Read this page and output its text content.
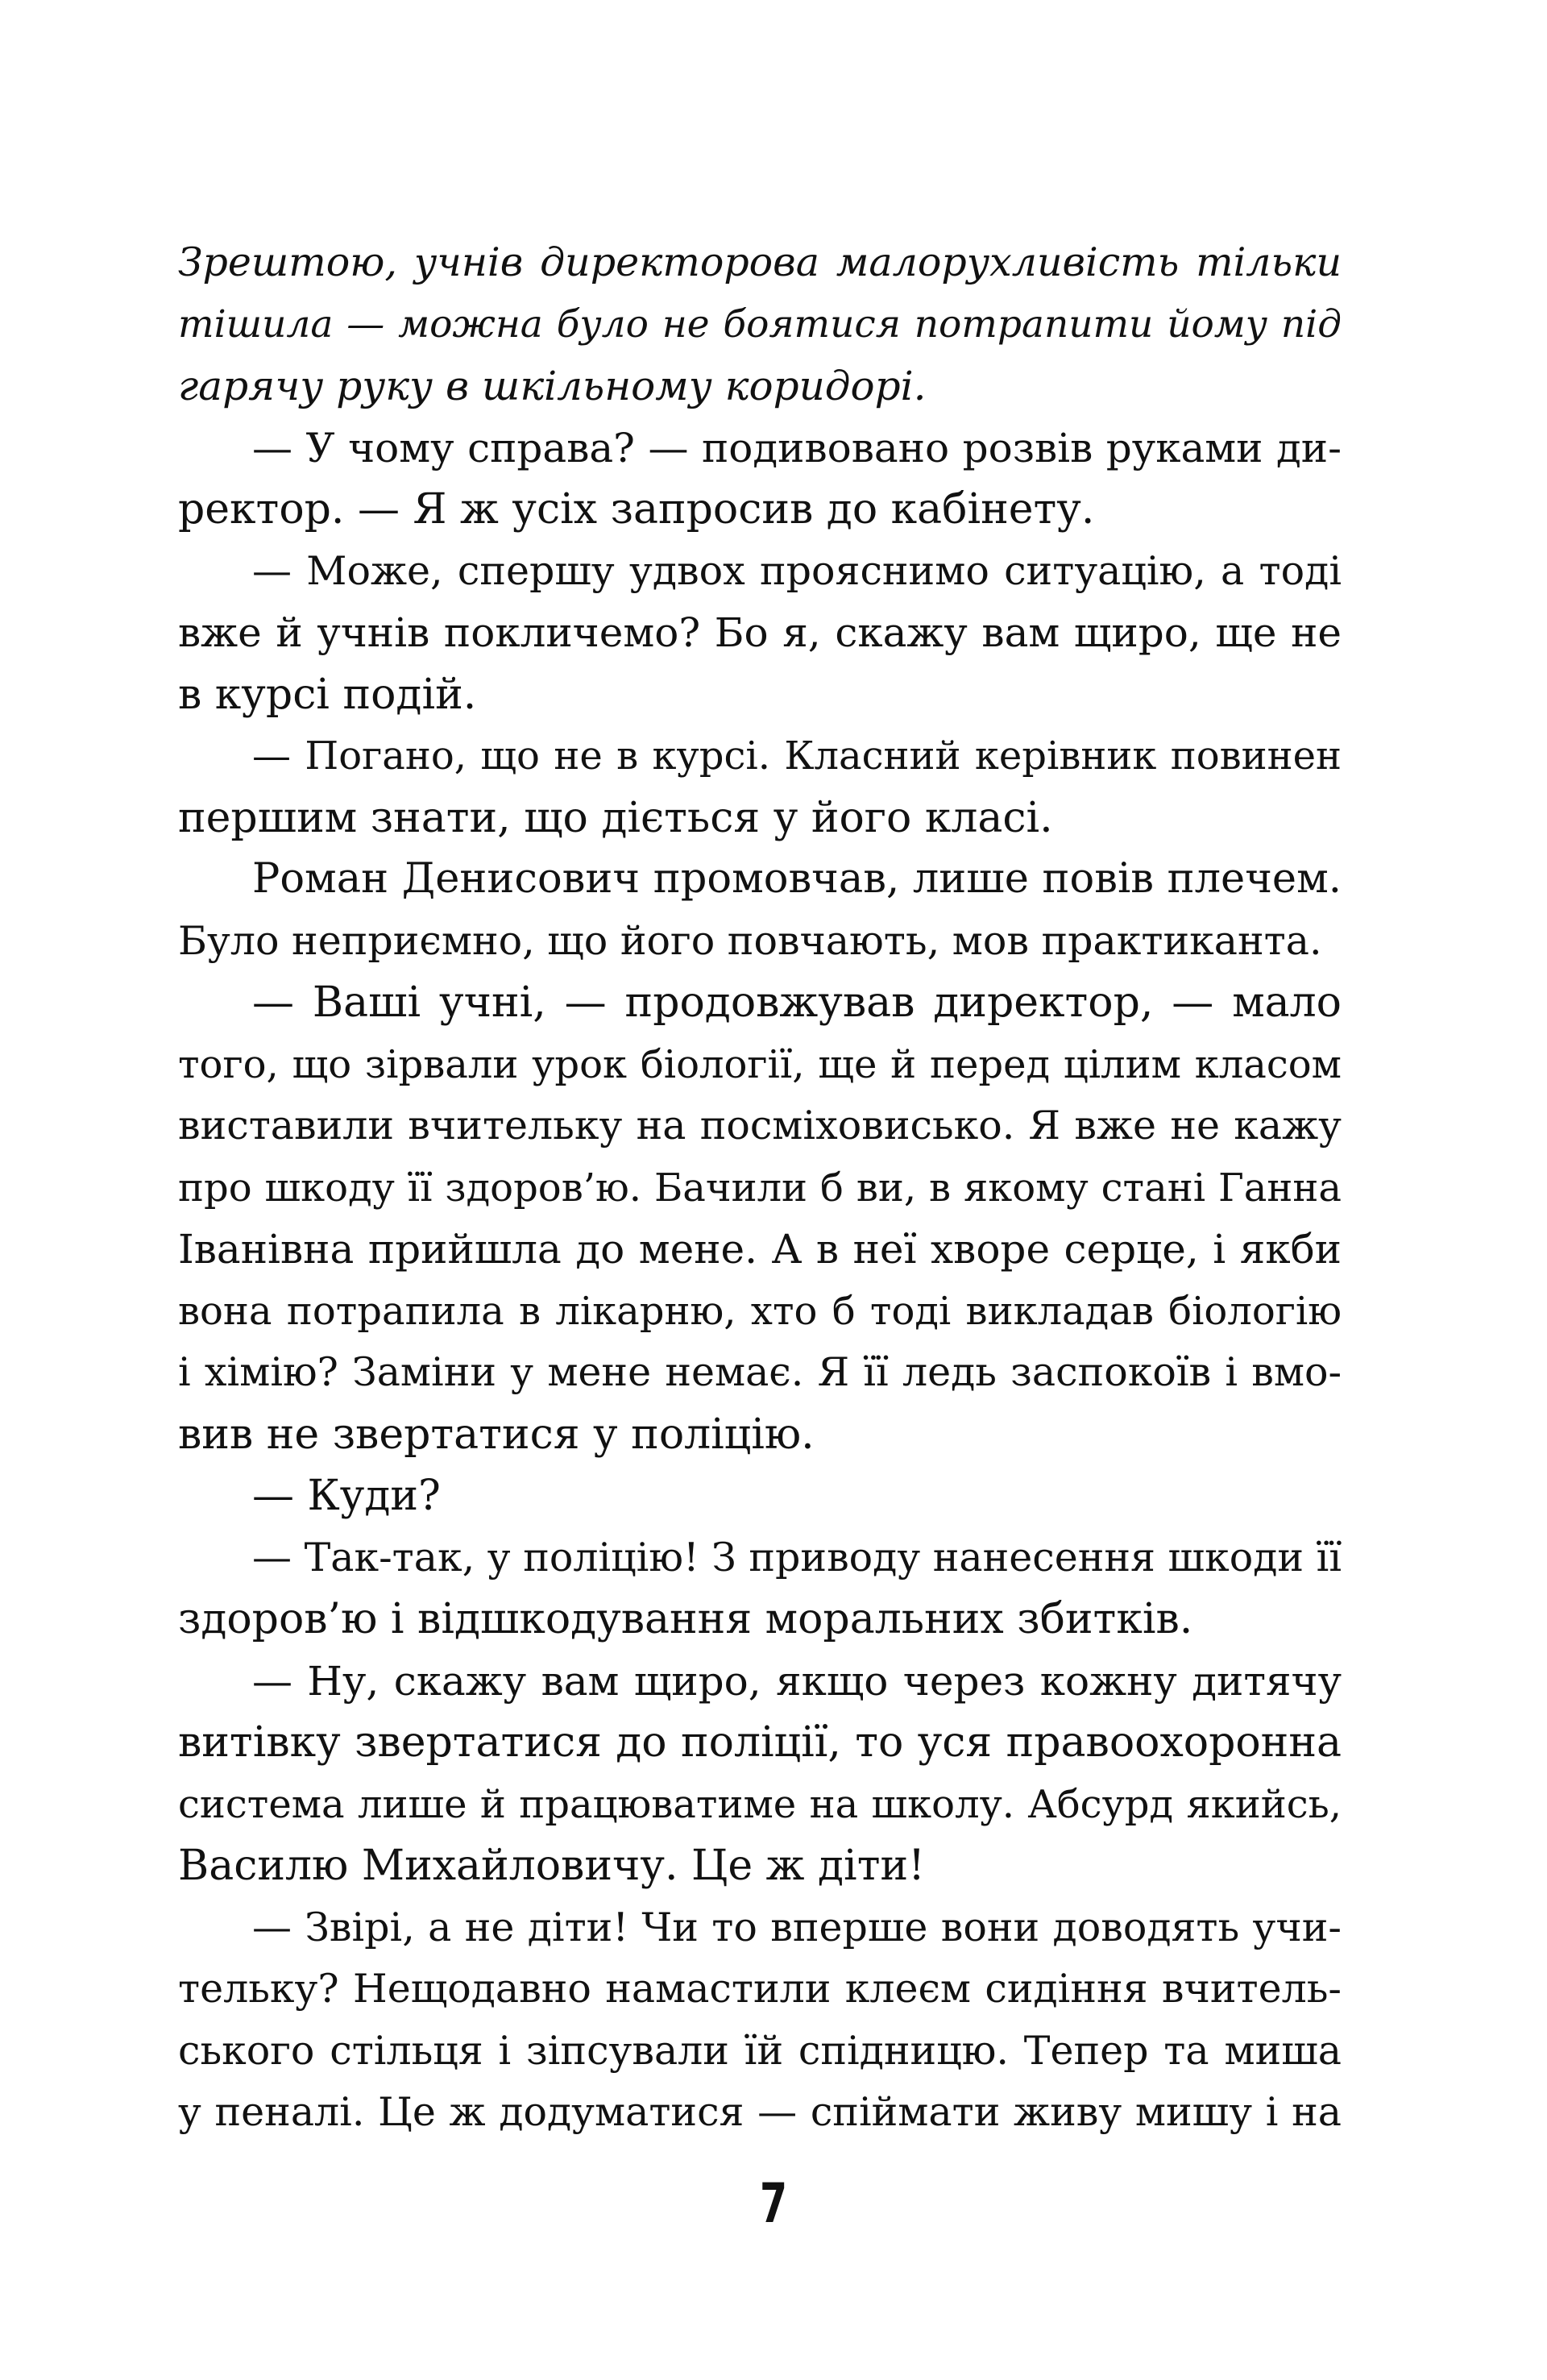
Зрештою, учнів директорова малорухливість тільки
тішила — можна було не боятися потрапити йому під
гарячу руку в шкільному коридорі.
— У чому справа? — подивовано розвів руками ди-
ректор. — Я ж усіх запросив до кабінету.
— Може, спершу удвох прояснимо ситуацію, а тоді
вже й учнів покличемо? Бо я, скажу вам щиро, ще не
в курсі подій.
— Погано, що не в курсі. Класний керівник повинен
першим знати, що діється у його класі.
Роман Денисович промовчав, лише повів плечем.
Було неприємно, що його повчають, мов практиканта.
— Ваші учні, — продовжував директор, — мало
того, що зірвали урок біології, ще й перед цілим класом
виставили вчительку на посміховисько. Я вже не кажу
про шкоду її здоров’ю. Бачили б ви, в якому стані Ганна
Іванівна прийшла до мене. А в неї хворе серце, і якби
вона потрапила в лікарню, хто б тоді викладав біологію
і хімію? Заміни у мене немає. Я її ледь заспокоїв і вмо-
вив не звертатися у поліцію.
— Куди?
— Так-так, у поліцію! З приводу нанесення шкоди її
здоров’ю і відшкодування моральних збитків.
— Ну, скажу вам щиро, якщо через кожну дитячу
витівку звертатися до поліції, то уся правоохоронна
система лише й працюватиме на школу. Абсурд якийсь,
Василю Михайловичу. Це ж діти!
— Звірі, а не діти! Чи то вперше вони доводять учи-
тельку? Нещодавно намастили клеєм сидіння вчитель-
ського стільця і зіпсували їй спідницю. Тепер та миша
у пеналі. Це ж додуматися — спіймати живу мишу і на
7
